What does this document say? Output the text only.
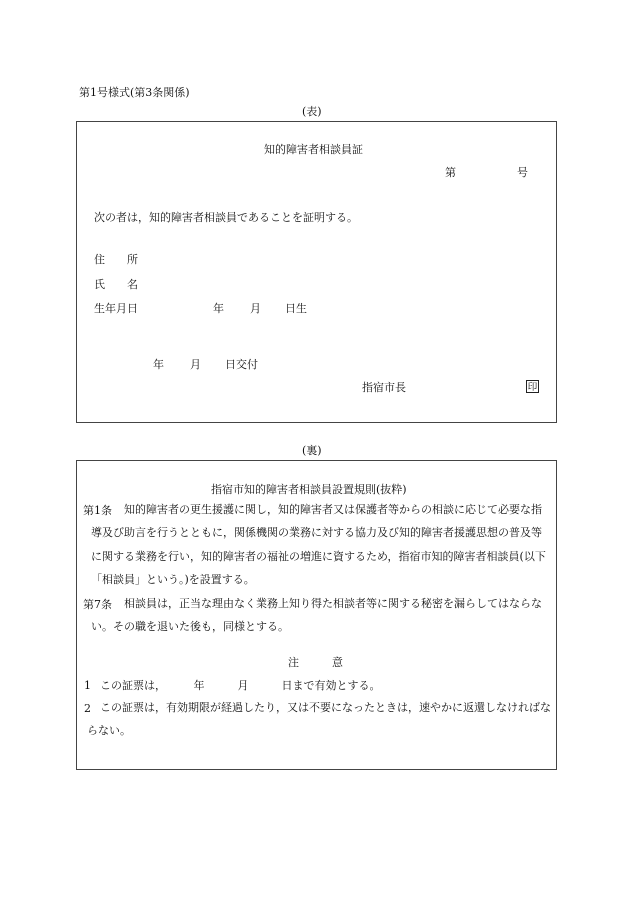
第1号様式(第3条関係)
(表)
知的障害者相談員証
第	号
次の者は，知的障害者相談員であることを証明する。
住　　所
氏　　名
生年月日	年 月 日生
年 月 日交付
指宿市長	印
(裏)
指宿市知的障害者相談員設置規則(抜粋)
第1条	知的障害者の更生援護に関し，知的障害者又は保護者等からの相談に応じて必要な指導及び助言を行うとともに，関係機関の業務に対する協力及び知的障害者援護思想の普及等に関する業務を行い，知的障害者の福祉の増進に資するため，指宿市知的障害者相談員(以下「相談員」という。)を設置する。
第7条	相談員は，正当な理由なく業務上知り得た相談者等に関する秘密を漏らしてはならない。その職を退いた後も，同様とする。
注　　　意
1 この証票は，　　　年　　　月　　　日まで有効とする。
2 この証票は，有効期限が経過したり，又は不要になったときは，速やかに返還しなければならない。
